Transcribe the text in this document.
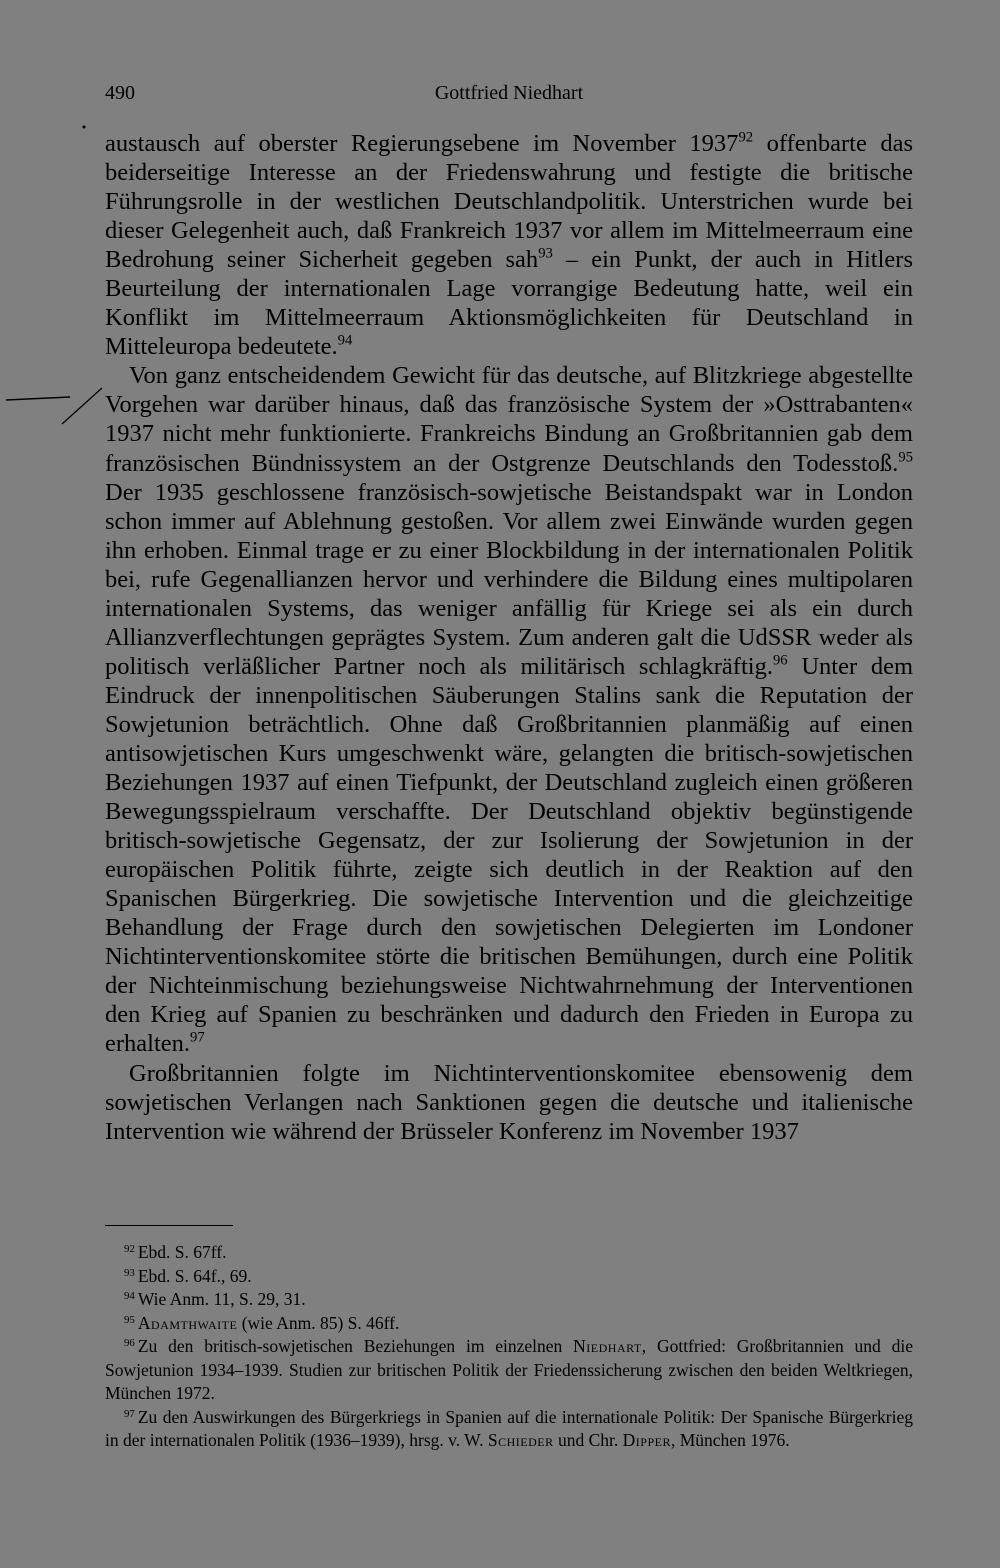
490	Gottfried Niedhart

austausch auf oberster Regierungsebene im November 1937$^{92}$ offenbarte das beiderseitige Interesse an der Friedenswahrung und festigte die britische Führungsrolle in der westlichen Deutschlandpolitik. Unterstrichen wurde bei dieser Gelegenheit auch, daß Frankreich 1937 vor allem im Mittelmeerraum eine Bedrohung seiner Sicherheit gegeben sah$^{93}$ – ein Punkt, der auch in Hitlers Beurteilung der internationalen Lage vorrangige Bedeutung hatte, weil ein Konflikt im Mittelmeerraum Aktionsmöglichkeiten für Deutschland in Mitteleuropa bedeutete.$^{94}$

Von ganz entscheidendem Gewicht für das deutsche, auf Blitzkriege abgestellte Vorgehen war darüber hinaus, daß das französische System der »Osttrabanten« 1937 nicht mehr funktionierte. Frankreichs Bindung an Großbritannien gab dem französischen Bündnissystem an der Ostgrenze Deutschlands den Todesstoß.$^{95}$ Der 1935 geschlossene französisch-sowjetische Beistandspakt war in London schon immer auf Ablehnung gestoßen. Vor allem zwei Einwände wurden gegen ihn erhoben. Einmal trage er zu einer Blockbildung in der internationalen Politik bei, rufe Gegenallianzen hervor und verhindere die Bildung eines multipolaren internationalen Systems, das weniger anfällig für Kriege sei als ein durch Allianzverflechtungen geprägtes System. Zum anderen galt die UdSSR weder als politisch verläßlicher Partner noch als militärisch schlagkräftig.$^{96}$ Unter dem Eindruck der innenpolitischen Säuberungen Stalins sank die Reputation der Sowjetunion beträchtlich. Ohne daß Großbritannien planmäßig auf einen antisowjetischen Kurs umgeschwenkt wäre, gelangten die britisch-sowjetischen Beziehungen 1937 auf einen Tiefpunkt, der Deutschland zugleich einen größeren Bewegungsspielraum verschaffte. Der Deutschland objektiv begünstigende britisch-sowjetische Gegensatz, der zur Isolierung der Sowjetunion in der europäischen Politik führte, zeigte sich deutlich in der Reaktion auf den Spanischen Bürgerkrieg. Die sowjetische Intervention und die gleichzeitige Behandlung der Frage durch den sowjetischen Delegierten im Londoner Nichtinterventionskomitee störte die britischen Bemühungen, durch eine Politik der Nichteinmischung beziehungsweise Nichtwahrnehmung der Interventionen den Krieg auf Spanien zu beschränken und dadurch den Frieden in Europa zu erhalten.$^{97}$

Großbritannien folgte im Nichtinterventionskomitee ebensowenig dem sowjetischen Verlangen nach Sanktionen gegen die deutsche und italienische Intervention wie während der Brüsseler Konferenz im November 1937

$^{92}$ Ebd. S. 67ff.

$^{93}$ Ebd. S. 64f., 69.

$^{94}$ Wie Anm. 11, S. 29, 31.

$^{95}$ Adamthwaite (wie Anm. 85) S. 46ff.

$^{96}$ Zu den britisch-sowjetischen Beziehungen im einzelnen Niedhart, Gottfried: Großbritannien und die Sowjetunion 1934–1939. Studien zur britischen Politik der Friedenssicherung zwischen den beiden Weltkriegen, München 1972.

$^{97}$ Zu den Auswirkungen des Bürgerkriegs in Spanien auf die internationale Politik: Der Spanische Bürgerkrieg in der internationalen Politik (1936–1939), hrsg. v. W. Schieder und Chr. Dipper, München 1976.
